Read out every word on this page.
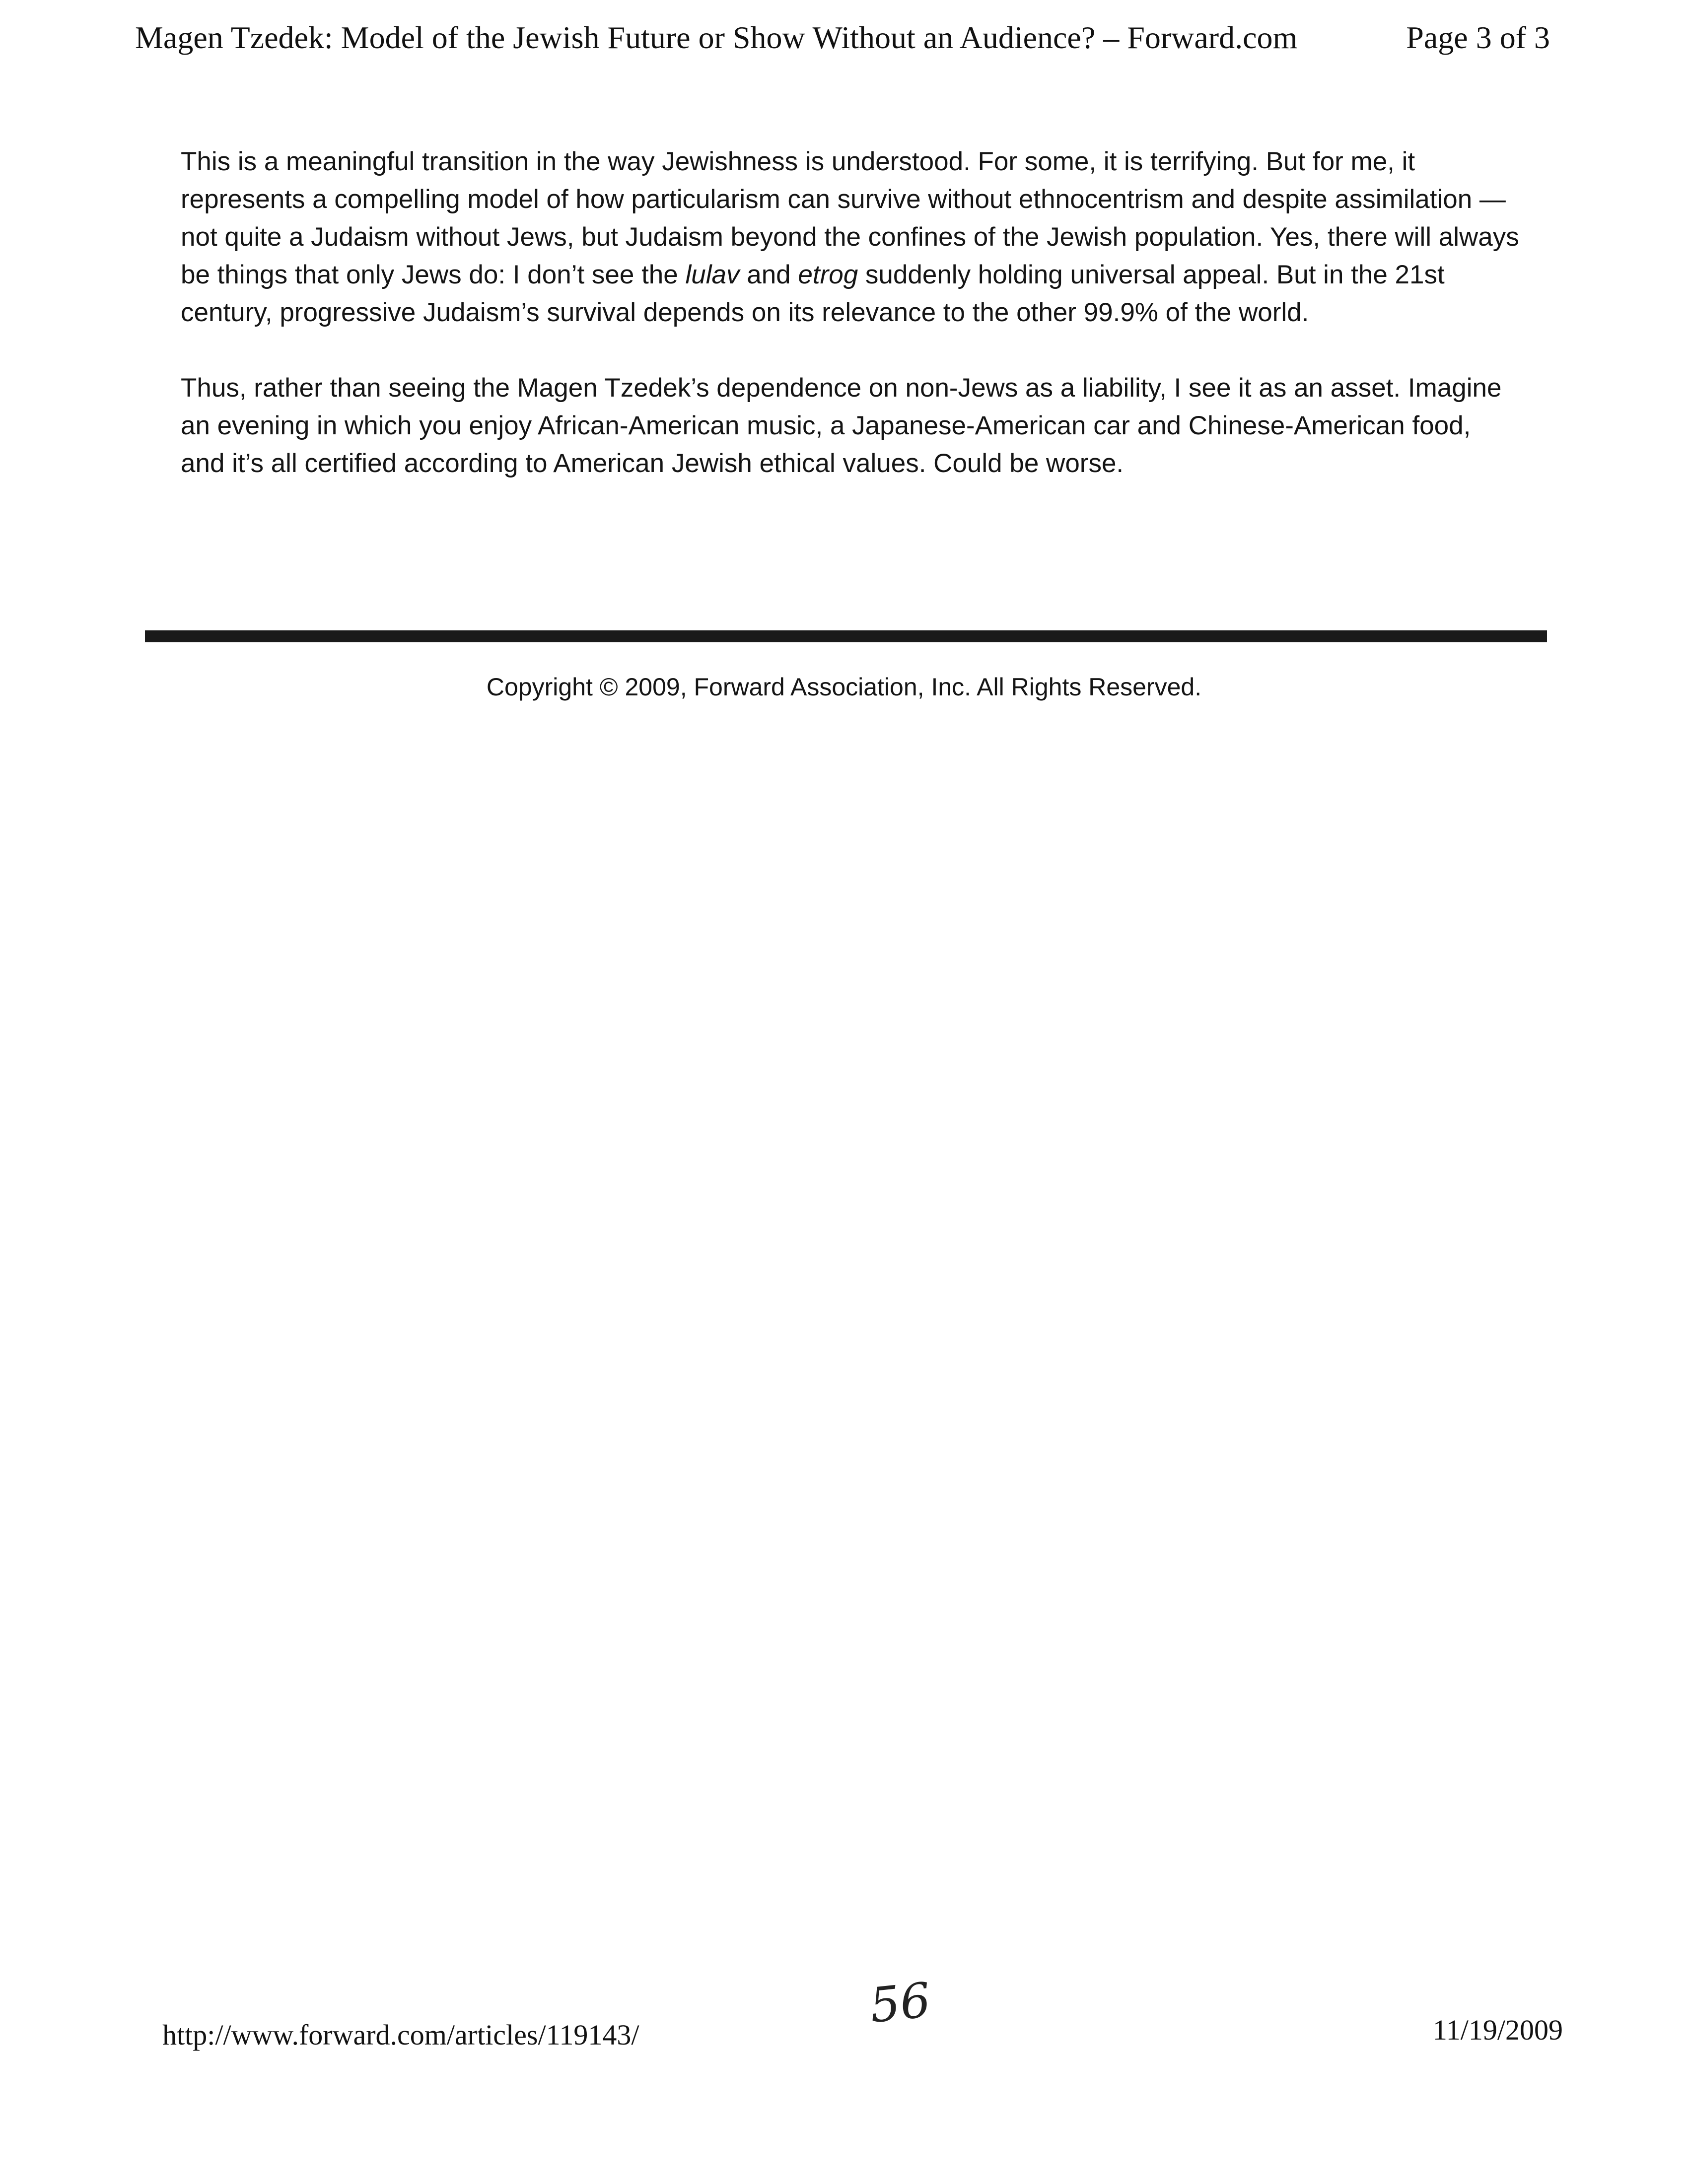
Magen Tzedek: Model of the Jewish Future or Show Without an Audience? – Forward.com	Page 3 of 3

This is a meaningful transition in the way Jewishness is understood. For some, it is terrifying. But for me, it represents a compelling model of how particularism can survive without ethnocentrism and despite assimilation — not quite a Judaism without Jews, but Judaism beyond the confines of the Jewish population. Yes, there will always be things that only Jews do: I don’t see the lulav and etrog suddenly holding universal appeal. But in the 21st century, progressive Judaism’s survival depends on its relevance to the other 99.9% of the world.

Thus, rather than seeing the Magen Tzedek’s dependence on non-Jews as a liability, I see it as an asset. Imagine an evening in which you enjoy African-American music, a Japanese-American car and Chinese-American food, and it’s all certified according to American Jewish ethical values. Could be worse.

Copyright © 2009, Forward Association, Inc. All Rights Reserved.
56
http://www.forward.com/articles/119143/	11/19/2009
